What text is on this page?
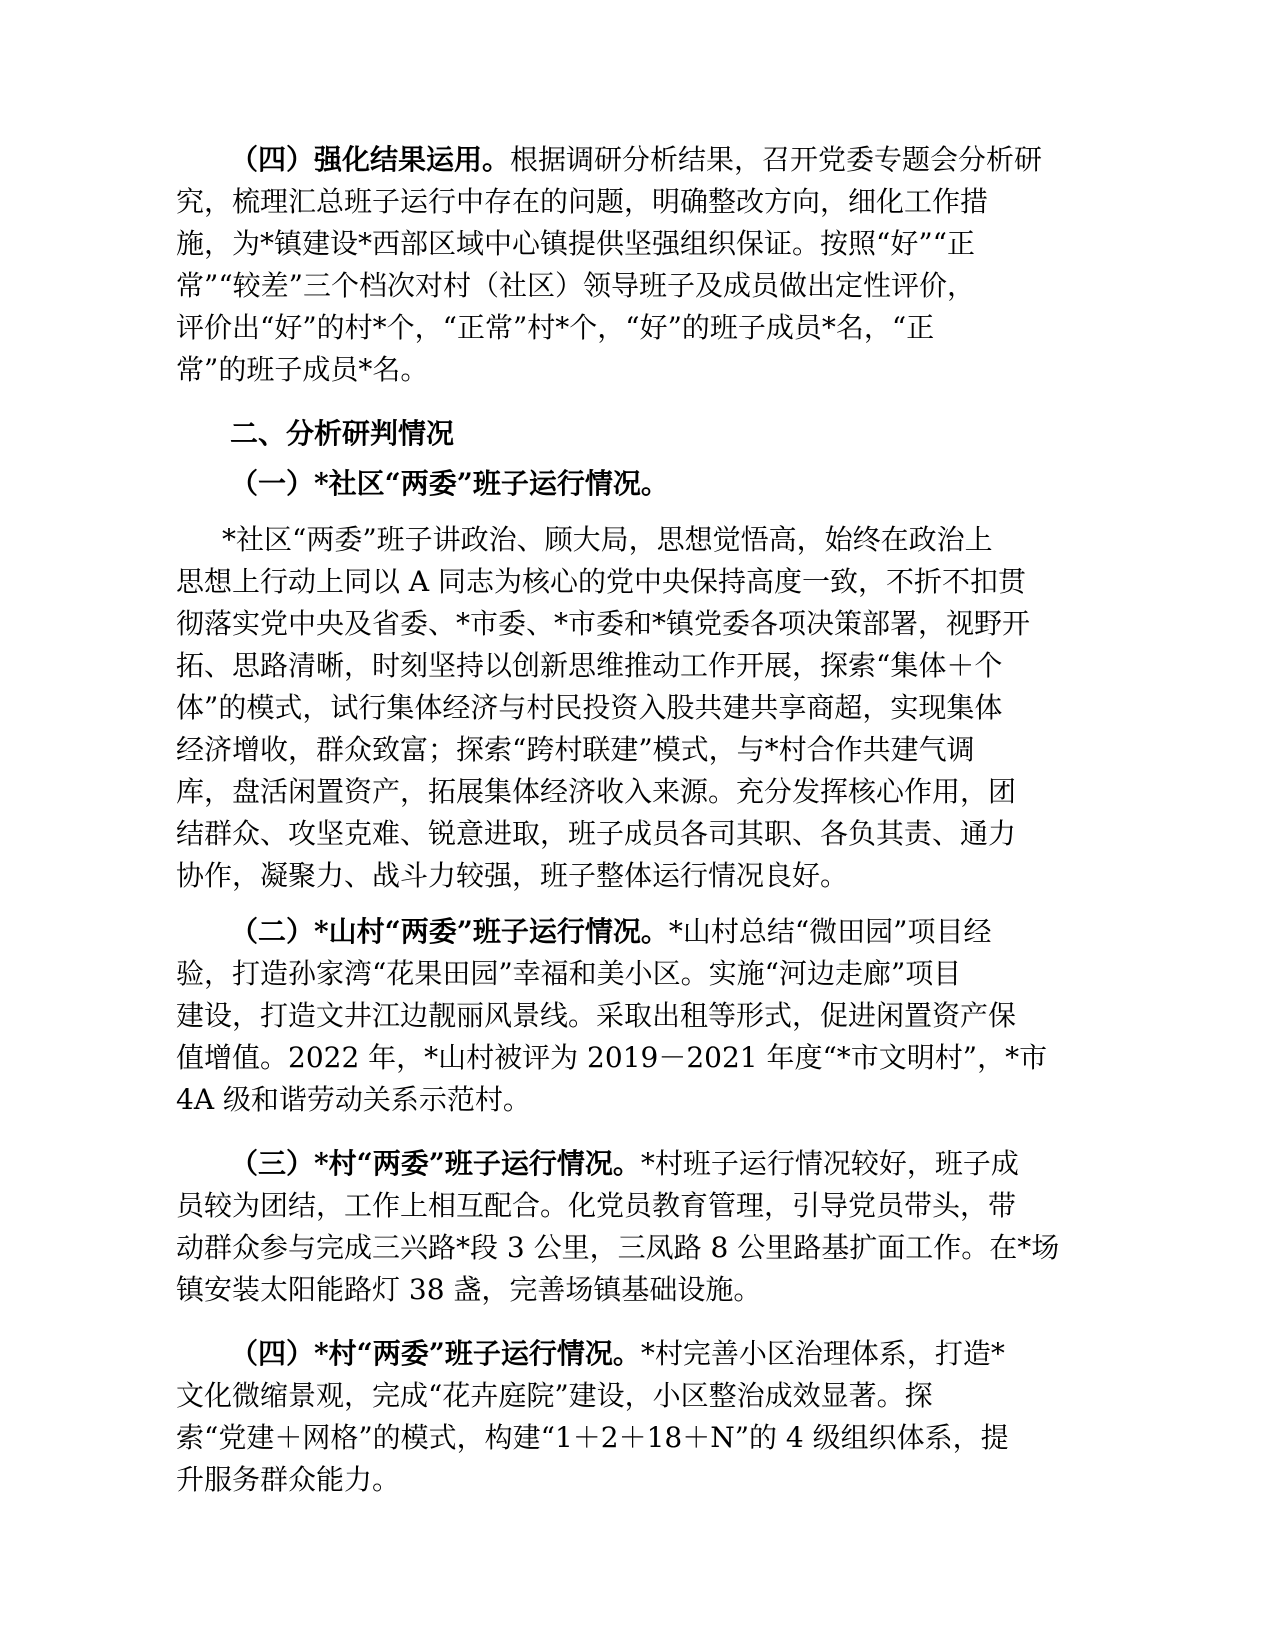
（四）强化结果运用。根据调研分析结果，召开党委专题会分析研

究，梳理汇总班子运行中存在的问题，明确整改方向，细化工作措

施，为*镇建设*西部区域中心镇提供坚强组织保证。按照“好”“正

常”“较差”三个档次对村（社区）领导班子及成员做出定性评价，

评价出“好”的村*个，“正常”村*个，“好”的班子成员*名，“正

常”的班子成员*名。

二、分析研判情况

（一）*社区“两委”班子运行情况。

*社区“两委”班子讲政治、顾大局，思想觉悟高，始终在政治上

思想上行动上同以 A 同志为核心的党中央保持高度一致，不折不扣贯

彻落实党中央及省委、*市委、*市委和*镇党委各项决策部署，视野开

拓、思路清晰，时刻坚持以创新思维推动工作开展，探索“集体＋个

体”的模式，试行集体经济与村民投资入股共建共享商超，实现集体

经济增收，群众致富；探索“跨村联建”模式，与*村合作共建气调

库，盘活闲置资产，拓展集体经济收入来源。充分发挥核心作用，团

结群众、攻坚克难、锐意进取，班子成员各司其职、各负其责、通力

协作，凝聚力、战斗力较强，班子整体运行情况良好。

（二）*山村“两委”班子运行情况。*山村总结“微田园”项目经

验，打造孙家湾“花果田园”幸福和美小区。实施“河边走廊”项目

建设，打造文井江边靓丽风景线。采取出租等形式，促进闲置资产保

值增值。2022 年，*山村被评为 2019－2021 年度“*市文明村”，*市

4A 级和谐劳动关系示范村。

（三）*村“两委”班子运行情况。*村班子运行情况较好，班子成

员较为团结，工作上相互配合。化党员教育管理，引导党员带头，带

动群众参与完成三兴路*段 3 公里，三凤路 8 公里路基扩面工作。在*场

镇安装太阳能路灯 38 盏，完善场镇基础设施。

（四）*村“两委”班子运行情况。*村完善小区治理体系，打造*

文化微缩景观，完成“花卉庭院”建设，小区整治成效显著。探

索“党建＋网格”的模式，构建“1＋2＋18＋N”的 4 级组织体系，提

升服务群众能力。
